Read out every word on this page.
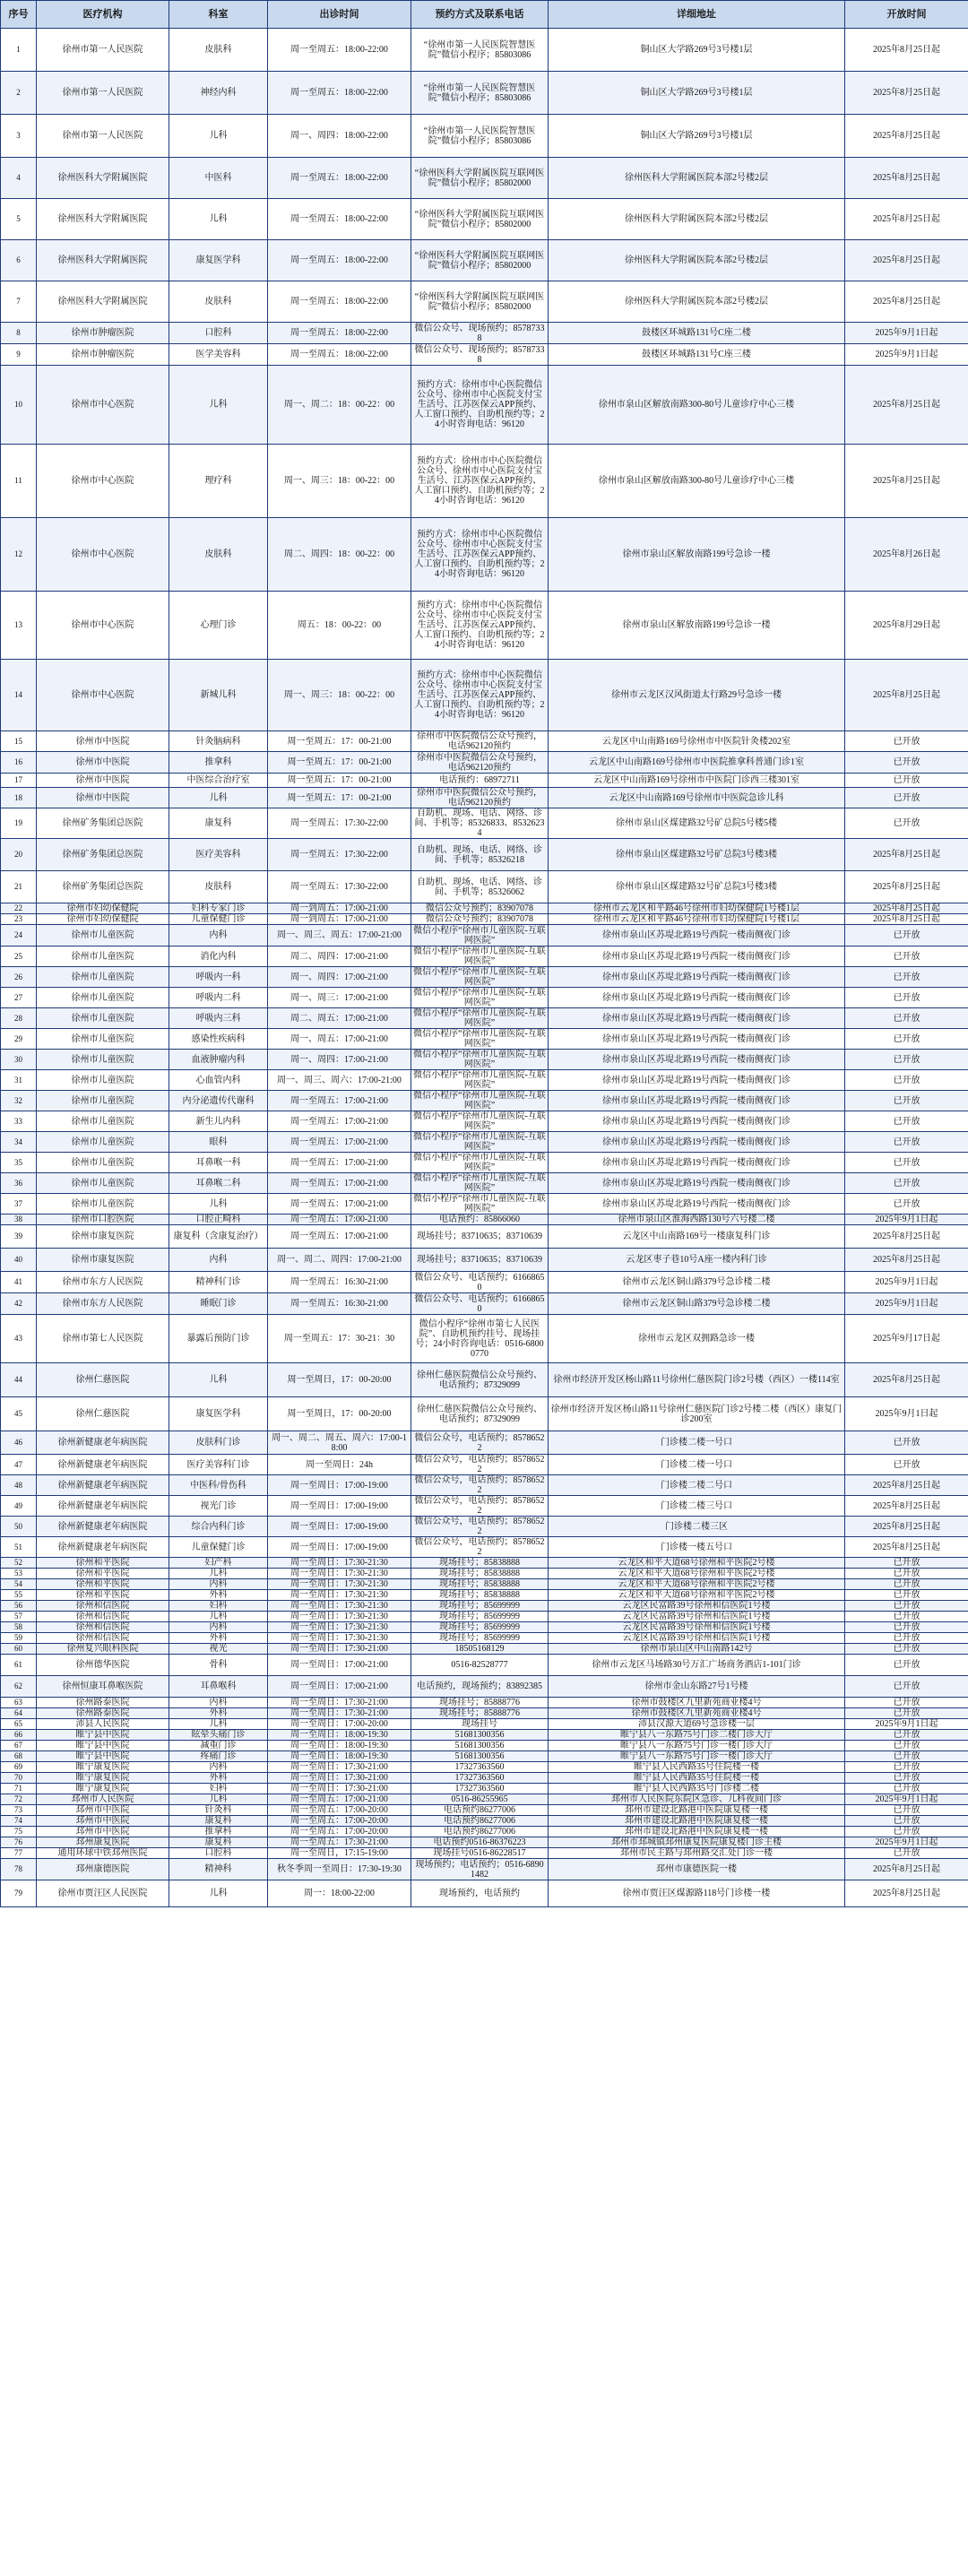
序号	医疗机构	科室	出诊时间	预约方式及联系电话	详细地址	开放时间
1	徐州市第一人民医院	皮肤科	周一至周五：18:00-22:00	“徐州市第一人民医院智慧医院”微信小程序；85803086	铜山区大学路269号3号楼1层	2025年8月25日起
2	徐州市第一人民医院	神经内科	周一至周五：18:00-22:00	“徐州市第一人民医院智慧医院”微信小程序；85803086	铜山区大学路269号3号楼1层	2025年8月25日起
3	徐州市第一人民医院	儿科	周一、周四：18:00-22:00	“徐州市第一人民医院智慧医院”微信小程序；85803086	铜山区大学路269号3号楼1层	2025年8月25日起
4	徐州医科大学附属医院	中医科	周一至周五：18:00-22:00	“徐州医科大学附属医院互联网医院”微信小程序；85802000	徐州医科大学附属医院本部2号楼2层	2025年8月25日起
5	徐州医科大学附属医院	儿科	周一至周五：18:00-22:00	“徐州医科大学附属医院互联网医院”微信小程序；85802000	徐州医科大学附属医院本部2号楼2层	2025年8月25日起
6	徐州医科大学附属医院	康复医学科	周一至周五：18:00-22:00	“徐州医科大学附属医院互联网医院”微信小程序；85802000	徐州医科大学附属医院本部2号楼2层	2025年8月25日起
7	徐州医科大学附属医院	皮肤科	周一至周五：18:00-22:00	“徐州医科大学附属医院互联网医院”微信小程序；85802000	徐州医科大学附属医院本部2号楼2层	2025年8月25日起
8	徐州市肿瘤医院	口腔科	周一至周五：18:00-22:00	微信公众号、现场预约；85787338	鼓楼区环城路131号C座二楼	2025年9月1日起
9	徐州市肿瘤医院	医学美容科	周一至周五：18:00-22:00	微信公众号、现场预约；85787338	鼓楼区环城路131号C座三楼	2025年9月1日起
10	徐州市中心医院	儿科	周一、周二：18：00-22：00	预约方式：徐州市中心医院微信公众号、徐州市中心医院支付宝生活号、江苏医保云APP预约、人工窗口预约、自助机预约等；24小时咨询电话：96120	徐州市泉山区解放南路300-80号儿童诊疗中心三楼	2025年8月25日起
11	徐州市中心医院	理疗科	周一、周三：18：00-22：00	预约方式：徐州市中心医院微信公众号、徐州市中心医院支付宝生活号、江苏医保云APP预约、人工窗口预约、自助机预约等；24小时咨询电话：96120	徐州市泉山区解放南路300-80号儿童诊疗中心三楼	2025年8月25日起
12	徐州市中心医院	皮肤科	周二、周四：18：00-22：00	预约方式：徐州市中心医院微信公众号、徐州市中心医院支付宝生活号、江苏医保云APP预约、人工窗口预约、自助机预约等；24小时咨询电话：96120	徐州市泉山区解放南路199号急诊一楼	2025年8月26日起
13	徐州市中心医院	心理门诊	周五：18：00-22：00	预约方式：徐州市中心医院微信公众号、徐州市中心医院支付宝生活号、江苏医保云APP预约、人工窗口预约、自助机预约等；24小时咨询电话：96120	徐州市泉山区解放南路199号急诊一楼	2025年8月29日起
14	徐州市中心医院	新城儿科	周一、周三：18：00-22：00	预约方式：徐州市中心医院微信公众号、徐州市中心医院支付宝生活号、江苏医保云APP预约、人工窗口预约、自助机预约等；24小时咨询电话：96120	徐州市云龙区汉风街道太行路29号急诊一楼	2025年8月25日起
15	徐州市中医院	针灸脑病科	周一至周五：17：00-21:00	徐州市中医院微信公众号预约，电话962120预约	云龙区中山南路169号徐州市中医院针灸楼202室	已开放
16	徐州市中医院	推拿科	周一至周五：17：00-21:00	徐州市中医院微信公众号预约，电话962120预约	云龙区中山南路169号徐州市中医院推拿科普通门诊1室	已开放
17	徐州市中医院	中医综合治疗室	周一至周五：17：00-21:00	电话预约：68972711	云龙区中山南路169号徐州市中医院门诊西三楼301室	已开放
18	徐州市中医院	儿科	周一至周五：17：00-21:00	徐州市中医院微信公众号预约，电话962120预约	云龙区中山南路169号徐州市中医院急诊儿科	已开放
19	徐州矿务集团总医院	康复科	周一至周五：17:30-22:00	自助机、现场、电话、网络、诊间、手机等；85326833、85326234	徐州市泉山区煤建路32号矿总院5号楼5楼	已开放
20	徐州矿务集团总医院	医疗美容科	周一至周五：17:30-22:00	自助机、现场、电话、网络、诊间、手机等；85326218	徐州市泉山区煤建路32号矿总院3号楼3楼	2025年8月25日起
21	徐州矿务集团总医院	皮肤科	周一至周五：17:30-22:00	自助机、现场、电话、网络、诊间、手机等；85326062	徐州市泉山区煤建路32号矿总院3号楼3楼	2025年8月25日起
22	徐州市妇幼保健院	妇科专家门诊	周一到周五：17:00-21:00	微信公众号预约；83907078	徐州市云龙区和平路46号徐州市妇幼保健院1号楼1层	2025年8月25日起
23	徐州市妇幼保健院	儿童保健门诊	周一到周五：17:00-21:00	微信公众号预约；83907078	徐州市云龙区和平路46号徐州市妇幼保健院1号楼1层	2025年8月25日起
24	徐州市儿童医院	内科	周一、周三、周五：17:00-21:00	微信小程序“徐州市儿童医院-互联网医院”	徐州市泉山区苏堤北路19号西院一楼南侧夜门诊	已开放
25	徐州市儿童医院	消化内科	周二、周四：17:00-21:00	微信小程序“徐州市儿童医院-互联网医院”	徐州市泉山区苏堤北路19号西院一楼南侧夜门诊	已开放
26	徐州市儿童医院	呼吸内一科	周一、周四：17:00-21:00	微信小程序“徐州市儿童医院-互联网医院”	徐州市泉山区苏堤北路19号西院一楼南侧夜门诊	已开放
27	徐州市儿童医院	呼吸内二科	周一、周三：17:00-21:00	微信小程序“徐州市儿童医院-互联网医院”	徐州市泉山区苏堤北路19号西院一楼南侧夜门诊	已开放
28	徐州市儿童医院	呼吸内三科	周二、周五：17:00-21:00	微信小程序“徐州市儿童医院-互联网医院”	徐州市泉山区苏堤北路19号西院一楼南侧夜门诊	已开放
29	徐州市儿童医院	感染性疾病科	周一、周五：17:00-21:00	微信小程序“徐州市儿童医院-互联网医院”	徐州市泉山区苏堤北路19号西院一楼南侧夜门诊	已开放
30	徐州市儿童医院	血液肿瘤内科	周一、周四：17:00-21:00	微信小程序“徐州市儿童医院-互联网医院”	徐州市泉山区苏堤北路19号西院一楼南侧夜门诊	已开放
31	徐州市儿童医院	心血管内科	周一、周三、周六：17:00-21:00	微信小程序“徐州市儿童医院-互联网医院”	徐州市泉山区苏堤北路19号西院一楼南侧夜门诊	已开放
32	徐州市儿童医院	内分泌遗传代谢科	周一至周五：17:00-21:00	微信小程序“徐州市儿童医院-互联网医院”	徐州市泉山区苏堤北路19号西院一楼南侧夜门诊	已开放
33	徐州市儿童医院	新生儿内科	周一至周五：17:00-21:00	微信小程序“徐州市儿童医院-互联网医院”	徐州市泉山区苏堤北路19号西院一楼南侧夜门诊	已开放
34	徐州市儿童医院	眼科	周一至周五：17:00-21:00	微信小程序“徐州市儿童医院-互联网医院”	徐州市泉山区苏堤北路19号西院一楼南侧夜门诊	已开放
35	徐州市儿童医院	耳鼻喉一科	周一至周五：17:00-21:00	微信小程序“徐州市儿童医院-互联网医院”	徐州市泉山区苏堤北路19号西院一楼南侧夜门诊	已开放
36	徐州市儿童医院	耳鼻喉二科	周一至周五：17:00-21:00	微信小程序“徐州市儿童医院-互联网医院”	徐州市泉山区苏堤北路19号西院一楼南侧夜门诊	已开放
37	徐州市儿童医院	儿科	周一至周五：17:00-21:00	微信小程序“徐州市儿童医院-互联网医院”	徐州市泉山区苏堤北路19号西院一楼南侧夜门诊	已开放
38	徐州市口腔医院	口腔正畸科	周一至周五：17:00-21:00	电话预约：85866060	徐州市泉山区淮海西路130号六号楼二楼	2025年9月1日起
39	徐州市康复医院	康复科（含康复治疗）	周一至周五：17:00-21:00	现场挂号；83710635；83710639	云龙区中山南路169号一楼康复科门诊	2025年8月25日起
40	徐州市康复医院	内科	周一、周二、周四：17:00-21:00	现场挂号；83710635；83710639	云龙区枣子巷10号A座一楼内科门诊	2025年8月25日起
41	徐州市东方人民医院	精神科门诊	周一至周五：16:30-21:00	微信公众号、电话预约；61668650	徐州市云龙区铜山路379号急诊楼二楼	2025年9月1日起
42	徐州市东方人民医院	睡眠门诊	周一至周五：16:30-21:00	微信公众号、电话预约；61668650	徐州市云龙区铜山路379号急诊楼二楼	2025年9月1日起
43	徐州市第七人民医院	暴露后预防门诊	周一至周五：17：30-21：30	微信小程序“徐州市第七人民医院”、自助机预约挂号、现场挂号；24小时咨询电话：0516-68000770	徐州市云龙区双拥路急诊一楼	2025年9月17日起
44	徐州仁慈医院	儿科	周一至周日，17：00-20:00	徐州仁慈医院微信公众号预约、电话预约；87329099	徐州市经济开发区杨山路11号徐州仁慈医院门诊2号楼（西区）一楼114室	2025年8月25日起
45	徐州仁慈医院	康复医学科	周一至周日，17：00-20:00	徐州仁慈医院微信公众号预约、电话预约；87329099	徐州市经济开发区杨山路11号徐州仁慈医院门诊2号楼二楼（西区）康复门诊200室	2025年9月1日起
46	徐州新健康老年病医院	皮肤科门诊	周一、周二、周五、周六：17:00-18:00	微信公众号，电话预约；85786522	门诊楼二楼一号口	已开放
47	徐州新健康老年病医院	医疗美容科门诊	周一至周日：24h	微信公众号，电话预约；85786522	门诊楼二楼一号口	已开放
48	徐州新健康老年病医院	中医科/骨伤科	周一至周日：17:00-19:00	微信公众号，电话预约；85786522	门诊楼二楼二号口	2025年8月25日起
49	徐州新健康老年病医院	视光门诊	周一至周日：17:00-19:00	微信公众号，电话预约；85786522	门诊楼二楼三号口	2025年8月25日起
50	徐州新健康老年病医院	综合内科门诊	周一至周日：17:00-19:00	微信公众号，电话预约；85786522	门诊楼二楼三区	2025年8月25日起
51	徐州新健康老年病医院	儿童保健门诊	周一至周日：17:00-19:00	微信公众号，电话预约；85786522	门诊楼一楼五号口	2025年8月25日起
52	徐州和平医院	妇产科	周一至周日：17:30-21:30	现场挂号；85838888	云龙区和平大道68号徐州和平医院2号楼	已开放
53	徐州和平医院	儿科	周一至周日：17:30-21:30	现场挂号；85838888	云龙区和平大道68号徐州和平医院2号楼	已开放
54	徐州和平医院	内科	周一至周日：17:30-21:30	现场挂号；85838888	云龙区和平大道68号徐州和平医院2号楼	已开放
55	徐州和平医院	外科	周一至周日：17:30-21:30	现场挂号；85838888	云龙区和平大道68号徐州和平医院2号楼	已开放
56	徐州和信医院	妇科	周一至周日：17:30-21:30	现场挂号；85699999	云龙区民富路39号徐州和信医院1号楼	已开放
57	徐州和信医院	儿科	周一至周日：17:30-21:30	现场挂号；85699999	云龙区民富路39号徐州和信医院1号楼	已开放
58	徐州和信医院	内科	周一至周日：17:30-21:30	现场挂号；85699999	云龙区民富路39号徐州和信医院1号楼	已开放
59	徐州和信医院	外科	周一至周日：17:30-21:30	现场挂号；85699999	云龙区民富路39号徐州和信医院1号楼	已开放
60	徐州复兴眼科医院	视光	周一至周日：17:30-21:00	18505168129	徐州市泉山区中山南路142号	已开放
61	徐州德华医院	骨科	周一至周日：17:00-21:00	0516-82528777	徐州市云龙区马场路30号万汇广场商务酒店1-101门诊	已开放
62	徐州恒康耳鼻喉医院	耳鼻喉科	周一至周日：17:00-21:00	电话预约，现场预约；83892385	徐州市金山东路27号1号楼	已开放
63	徐州路泰医院	内科	周一至周日：17:30-21:00	现场挂号；85888776	徐州市鼓楼区九里新苑商业楼4号	已开放
64	徐州路泰医院	外科	周一至周日：17:30-21:00	现场挂号；85888776	徐州市鼓楼区九里新苑商业楼4号	已开放
65	沛县人民医院	儿科	周一至周日：17:00-20:00	现场挂号	沛县汉源大道69号急诊楼一层	2025年9月1日起
66	睢宁县中医院	眩晕头痛门诊	周一至周日：18:00-19:30	51681300356	睢宁县八一东路75号门诊二楼门诊大厅	已开放
67	睢宁县中医院	减重门诊	周一至周日：18:00-19:30	51681300356	睢宁县八一东路75号门诊一楼门诊大厅	已开放
68	睢宁县中医院	疼痛门诊	周一至周日：18:00-19:30	51681300356	睢宁县八一东路75号门诊一楼门诊大厅	已开放
69	睢宁康复医院	内科	周一至周日：17:30-21:00	17327363560	睢宁县人民西路35号住院楼一楼	已开放
70	睢宁康复医院	外科	周一至周日：17:30-21:00	17327363560	睢宁县人民西路35号住院楼一楼	已开放
71	睢宁康复医院	妇科	周一至周日：17:30-21:00	17327363560	睢宁县人民西路35号门诊楼二楼	已开放
72	邳州市人民医院	儿科	周一至周五：17:00-21:00	0516-86255965	邳州市人民医院东院区急诊、儿科夜间门诊	2025年9月1日起
73	邳州市中医院	针灸科	周一至周五：17:00-20:00	电话预约86277006	邳州市建设北路港中医院康复楼一楼	已开放
74	邳州市中医院	康复科	周一至周五：17:00-20:00	电话预约86277006	邳州市建设北路港中医院康复楼一楼	已开放
75	邳州市中医院	推拿科	周一至周五：17:00-20:00	电话预约86277006	邳州市建设北路港中医院康复楼一楼	已开放
76	邳州康复医院	康复科	周一至周五：17:30-21:00	电话预约0516-86376223	邳州市邳城镇邳州康复医院康复楼门诊主楼	2025年9月1日起
77	通用环球中铁邳州医院	口腔科	周一至周日，17:15-19:00	现场挂号0516-86228517	邳州市民主路与邳州路交汇处门诊一楼	已开放
78	邳州康德医院	精神科	秋冬季周一至周日：17:30-19:30	现场预约；电话预约；0516-68901482	邳州市康德医院一楼	2025年8月25日起
79	徐州市贾汪区人民医院	儿科	周一：18:00-22:00	现场预约，电话预约	徐州市贾汪区煤源路118号门诊楼一楼	2025年8月25日起
